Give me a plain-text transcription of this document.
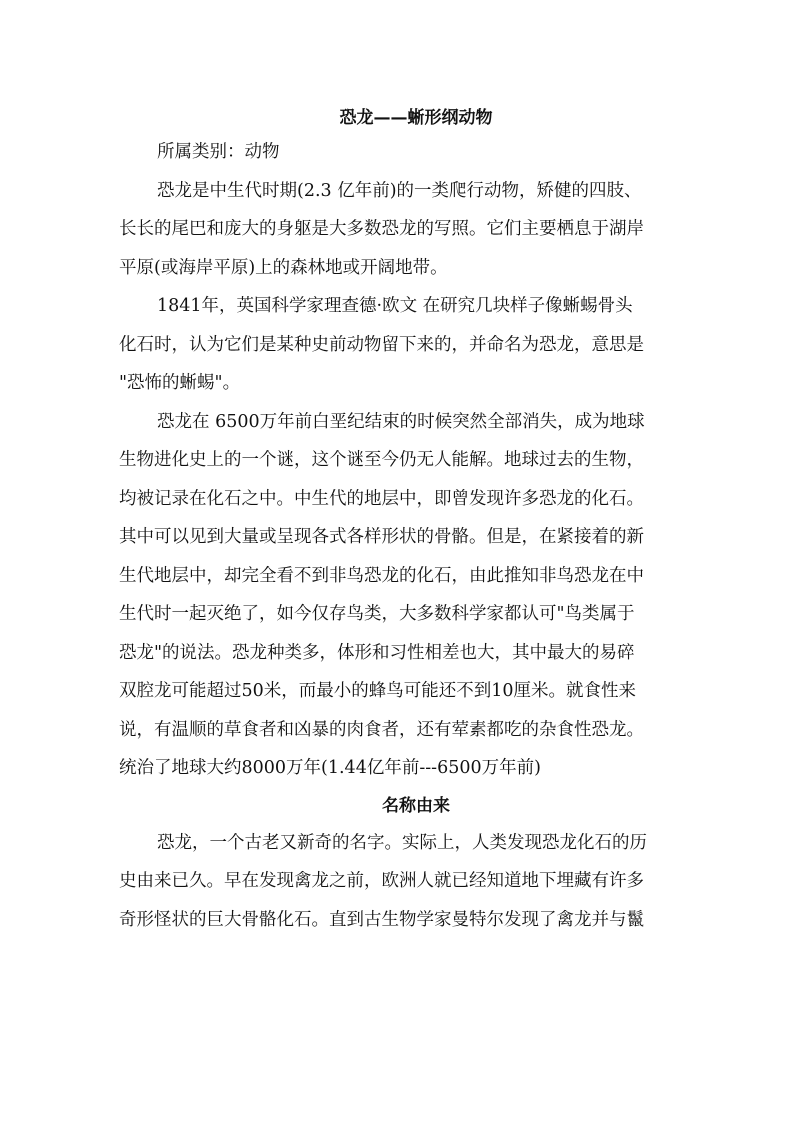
恐龙——蜥形纲动物

所属类别：动物

恐龙是中生代时期(2.3 亿年前)的一类爬行动物，矫健的四肢、
长长的尾巴和庞大的身躯是大多数恐龙的写照。它们主要栖息于湖岸
平原(或海岸平原)上的森林地或开阔地带。

1841年，英国科学家理查德·欧文 在研究几块样子像蜥蜴骨头
化石时，认为它们是某种史前动物留下来的，并命名为恐龙，意思是
"恐怖的蜥蜴"。

恐龙在 6500万年前白垩纪结束的时候突然全部消失，成为地球
生物进化史上的一个谜，这个谜至今仍无人能解。地球过去的生物，
均被记录在化石之中。中生代的地层中，即曾发现许多恐龙的化石。
其中可以见到大量或呈现各式各样形状的骨骼。但是，在紧接着的新
生代地层中，却完全看不到非鸟恐龙的化石，由此推知非鸟恐龙在中
生代时一起灭绝了，如今仅存鸟类，大多数科学家都认可"鸟类属于
恐龙"的说法。恐龙种类多，体形和习性相差也大，其中最大的易碎
双腔龙可能超过50米，而最小的蜂鸟可能还不到10厘米。就食性来
说，有温顺的草食者和凶暴的肉食者，还有荤素都吃的杂食性恐龙。
统治了地球大约8000万年(1.44亿年前---6500万年前)

名称由来

恐龙，一个古老又新奇的名字。实际上，人类发现恐龙化石的历
史由来已久。早在发现禽龙之前，欧洲人就已经知道地下埋藏有许多
奇形怪状的巨大骨骼化石。直到古生物学家曼特尔发现了禽龙并与鬣
